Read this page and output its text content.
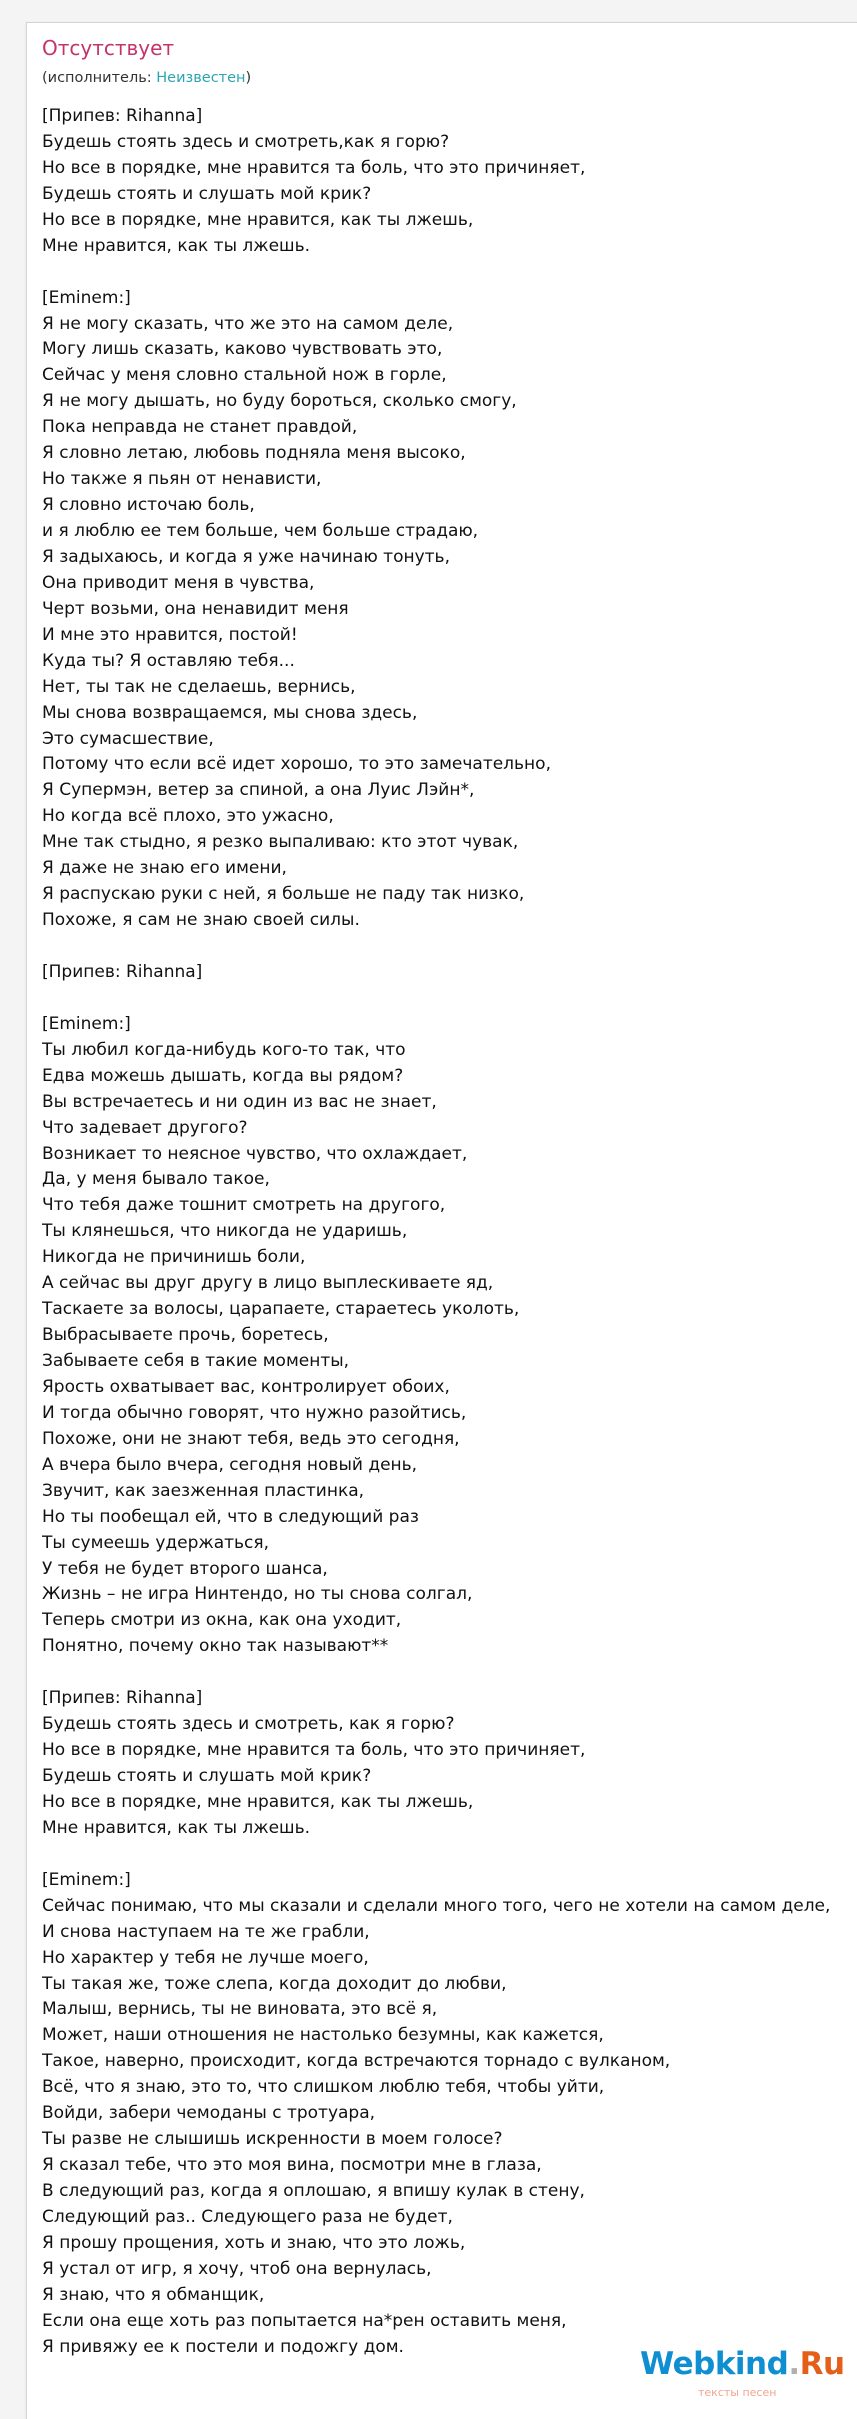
Отсутствует
(исполнитель: Неизвестен)
[Припев: Rihanna]
Будешь стоять здесь и смотреть,как я горю?
Но все в порядке, мне нравится та боль, что это причиняет,
Будешь стоять и слушать мой крик?
Но все в порядке, мне нравится, как ты лжешь,
Мне нравится, как ты лжешь.
[Eminem:]
Я не могу сказать, что же это на самом деле,
Могу лишь сказать, каково чувствовать это,
Сейчас у меня словно стальной нож в горле,
Я не могу дышать, но буду бороться, сколько смогу,
Пока неправда не станет правдой,
Я словно летаю, любовь подняла меня высоко,
Но также я пьян от ненависти,
Я словно источаю боль,
и я люблю ее тем больше, чем больше страдаю,
Я задыхаюсь, и когда я уже начинаю тонуть,
Она приводит меня в чувства,
Черт возьми, она ненавидит меня
И мне это нравится, постой!
Куда ты? Я оставляю тебя...
Нет, ты так не сделаешь, вернись,
Мы снова возвращаемся, мы снова здесь,
Это сумасшествие,
Потому что если всё идет хорошо, то это замечательно,
Я Супермэн, ветер за спиной, а она Луис Лэйн*,
Но когда всё плохо, это ужасно,
Мне так стыдно, я резко выпаливаю: кто этот чувак,
Я даже не знаю его имени,
Я распускаю руки с ней, я больше не паду так низко,
Похоже, я сам не знаю своей силы.
[Припев: Rihanna]
[Eminem:]
Ты любил когда-нибудь кого-то так, что
Едва можешь дышать, когда вы рядом?
Вы встречаетесь и ни один из вас не знает,
Что задевает другого?
Возникает то неясное чувство, что охлаждает,
Да, у меня бывало такое,
Что тебя даже тошнит смотреть на другого,
Ты клянешься, что никогда не ударишь,
Никогда не причинишь боли,
А сейчас вы друг другу в лицо выплескиваете яд,
Таскаете за волосы, царапаете, стараетесь уколоть,
Выбрасываете прочь, боретесь,
Забываете себя в такие моменты,
Ярость охватывает вас, контролирует обоих,
И тогда обычно говорят, что нужно разойтись,
Похоже, они не знают тебя, ведь это сегодня,
А вчера было вчера, сегодня новый день,
Звучит, как заезженная пластинка,
Но ты пообещал ей, что в следующий раз
Ты сумеешь удержаться,
У тебя не будет второго шанса,
Жизнь – не игра Нинтендо, но ты снова солгал,
Теперь смотри из окна, как она уходит,
Понятно, почему окно так называют**
[Припев: Rihanna]
Будешь стоять здесь и смотреть, как я горю?
Но все в порядке, мне нравится та боль, что это причиняет,
Будешь стоять и слушать мой крик?
Но все в порядке, мне нравится, как ты лжешь,
Мне нравится, как ты лжешь.
[Eminem:]
Сейчас понимаю, что мы сказали и сделали много того, чего не хотели на самом деле,
И снова наступаем на те же грабли,
Но характер у тебя не лучше моего,
Ты такая же, тоже слепа, когда доходит до любви,
Малыш, вернись, ты не виновата, это всё я,
Может, наши отношения не настолько безумны, как кажется,
Такое, наверно, происходит, когда встречаются торнадо с вулканом,
Всё, что я знаю, это то, что слишком люблю тебя, чтобы уйти,
Войди, забери чемоданы с тротуара,
Ты разве не слышишь искренности в моем голосе?
Я сказал тебе, что это моя вина, посмотри мне в глаза,
В следующий раз, когда я оплошаю, я впишу кулак в стену,
Следующий раз.. Следующего раза не будет,
Я прошу прощения, хоть и знаю, что это ложь,
Я устал от игр, я хочу, чтоб она вернулась,
Я знаю, что я обманщик,
Если она еще хоть раз попытается на*рен оставить меня,
Я привяжу ее к постели и подожгу дом.	Webkind.Ru
тексты песен
